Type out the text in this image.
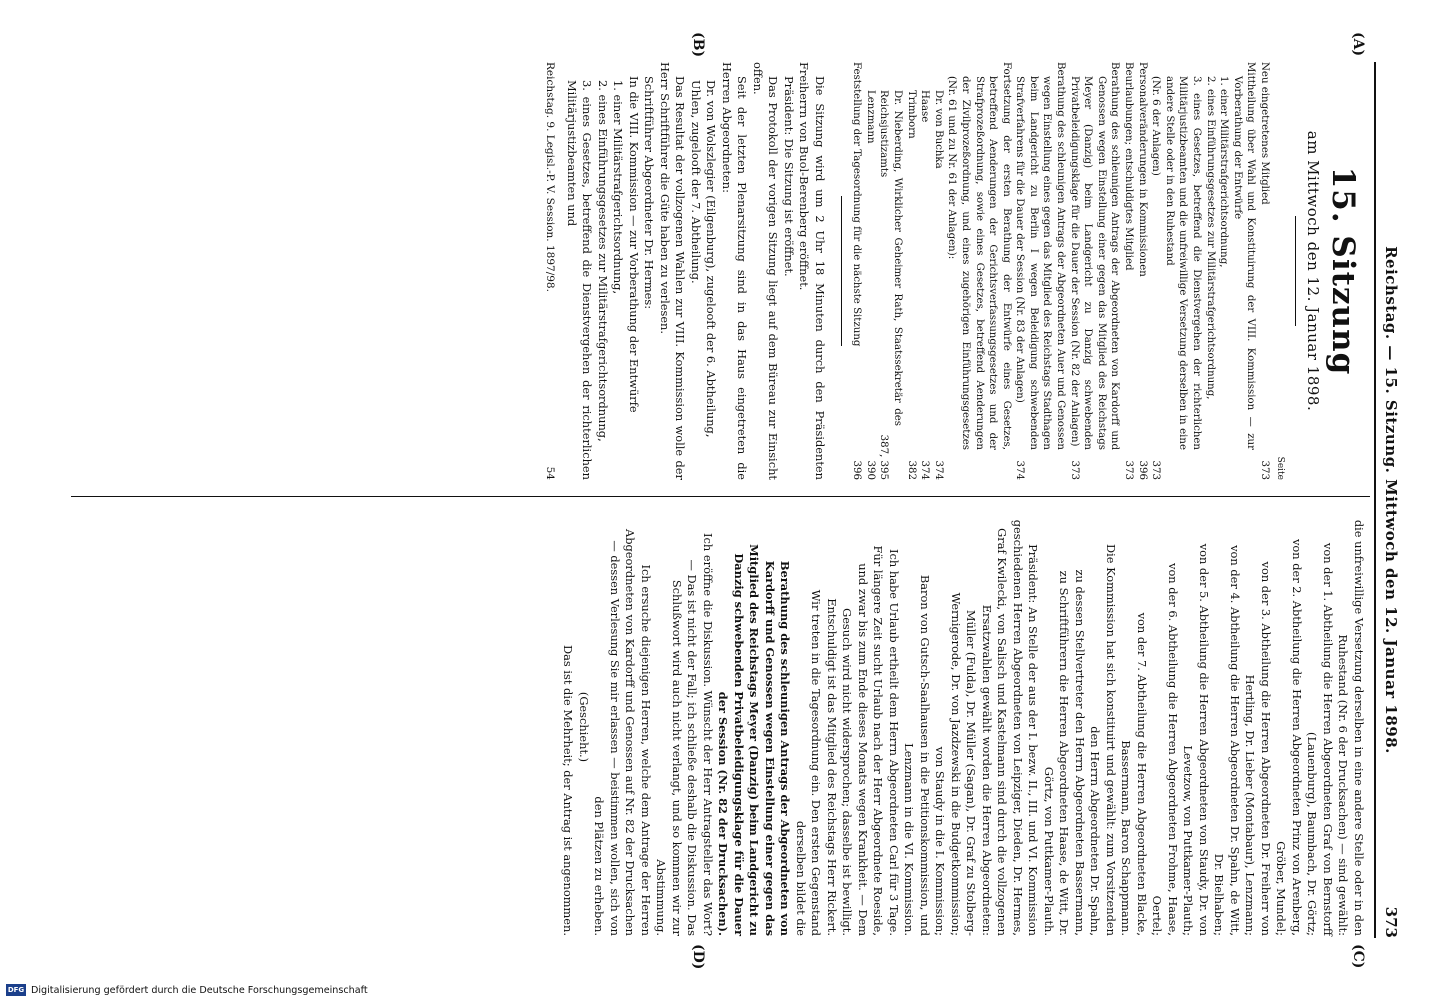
Reichstag. — 15. Sitzung. Mittwoch den 12. Januar 1898.
373
(A)
(B)
(C)
(D)
15. Sitzung
am Mittwoch den 12. Januar 1898.
Seite

Neu eingetretenes Mitglied
373

Mittheilung über Wahl und Konstituirung der VIII. Kommission — zur Vorberathung der Entwürfe

1. einer Militärstrafgerichtsordnung,

2. eines Einführungsgesetzes zur Militärstrafgerichtsordnung,

3. eines Gesetzes, betreffend die Dienstvergehen der richterlichen Militärjustizbeamten und die unfreiwillige Versetzung derselben in eine andere Stelle oder in den Ruhestand

(Nr. 6 der Anlagen)
373

Personalveränderungen in Kommissionen
396

Beurlaubungen; entschuldigtes Mitglied
373

Berathung des schleunigen Antrags der Abgeordneten von Kardorff und Genossen wegen Einstellung einer gegen das Mitglied des Reichstags Meyer (Danzig) beim Landgericht zu Danzig schwebenden Privatbeleidigungsklage für die Dauer der Session (Nr. 82 der Anlagen)
373

Berathung des schleunigen Antrags der Abgeordneten Auer und Genossen wegen Einstellung eines gegen das Mitglied des Reichstags Stadthagen beim Landgericht zu Berlin I wegen Beleidigung schwebenden Strafverfahrens für die Dauer der Session (Nr. 83 der Anlagen)
374

Fortsetzung der ersten Berathung der Entwürfe eines Gesetzes, betreffend Aenderungen der Gerichtsverfassungsgesetzes und der Strafprozeßordnung, sowie eines Gesetzes, betreffend Aenderungen der Zivilprozeßordnung, und eines zugehörigen Einführungsgesetzes (Nr. 61 und zu Nr. 61 der Anlagen):

Dr. von Buchka
374

Haase
374

Trimborn
382

Dr. Nieberding, Wirklicher Geheimer Rath, Staatssekretär des Reichsjustizamts
387, 395

Lenzmann
390

Feststellung der Tagesordnung für die nächste Sitzung
396

Die Sitzung wird um 2 Uhr 18 Minuten durch den Präsidenten Freiherrn von Buol-Berenberg eröffnet.

Präsident: Die Sitzung ist eröffnet.

Das Protokoll der vorigen Sitzung liegt auf dem Büreau zur Einsicht offen.

Seit der letzten Plenarsitzung sind in das Haus eingetreten die Herren Abgeordneten:

Dr. von Wolszlegier (Eilgenburg), zugelooft der 6. Abtheilung,

Uhlen, zugelooft der 7. Abtheilung.

Das Resultat der vollzogenen Wahlen zur VIII. Kommission wolle der Herr Schriftführer die Güte haben zu verlesen.

Schriftführer Abgeordneter Dr. Hermes:

In die VIII. Kommission — zur Vorberathung der Entwürfe

1. einer Militärstrafgerichtsordnung,

2. eines Einführungsgesetzes zur Militärstrafgerichtsordnung,

3. eines Gesetzes, betreffend die Dienstvergehen der richterlichen Militärjustizbeamten und

Reichstag. 9. Legisl.-P. V. Session. 1897/98.
54

die unfreiwillige Versetzung derselben in eine andere Stelle oder in den Ruhestand (Nr. 6 der Drucksachen) — sind gewählt:

von der 1. Abtheilung die Herren Abgeordneten Graf von Bernstorff (Lauenburg), Baumbach, Dr. Görtz;

von der 2. Abtheilung die Herren Abgeordneten Prinz von Arenberg, Gröber, Mundel;

von der 3. Abtheilung die Herren Abgeordneten Dr. Freiherr von Hertling, Dr. Lieber (Montabaur), Lenzmann;

von der 4. Abtheilung die Herren Abgeordneten Dr. Spahn, de Witt, Dr. Bielhaben;

von der 5. Abtheilung die Herren Abgeordneten von Staudy, Dr. von Levetzow, von Puttkamer-Plauth;

von der 6. Abtheilung die Herren Abgeordneten Frohme, Haase, Oertel;

von der 7. Abtheilung die Herren Abgeordneten Blacke, Bassermann, Baron Schappmann.

Die Kommission hat sich konstituirt und gewählt: zum Vorsitzenden den Herrn Abgeordneten Dr. Spahn,

zu dessen Stellvertreter den Herrn Abgeordneten Bassermann,

zu Schriftführern die Herren Abgeordneten Haase, de Witt, Dr. Görtz, von Puttkamer-Plauth.

Präsident: An Stelle der aus der I. bezw. II., III. und VI. Kommission geschiedenen Herren Abgeordneten von Leipziger, Dieden, Dr. Hermes, Graf Kwilecki, von Salisch und Kastelmann sind durch die vollzogenen Ersatzwahlen gewählt worden die Herren Abgeordneten:

Müller (Fulda), Dr. Müller (Sagan), Dr. Graf zu Stolberg-Wernigerode, Dr. von Jazdzewski in die Budgetkommission;

von Staudy in die I. Kommission;

Baron von Gutsch-Saalhausen in die Petitionskommission, und

Lenzmann in die VI. Kommission.

Ich habe Urlaub ertheilt dem Herrn Abgeordneten Carl für 3 Tage.

Für längere Zeit sucht Urlaub nach der Herr Abgeordnete Roeside, und zwar bis zum Ende dieses Monats wegen Krankheit. — Dem Gesuch wird nicht widersprochen; dasselbe ist bewilligt.

Entschuldigt ist das Mitglied des Reichstags Herr Rickert.

Wir treten in die Tagesordnung ein. Den ersten Gegenstand derselben bildet die

Berathung des schleunigen Antrags der Abgeordneten von Kardorff und Genossen wegen Einstellung einer gegen das Mitglied des Reichstags Meyer (Danzig) beim Landgericht zu Danzig schwebenden Privatbeleidigungsklage für die Dauer der Session (Nr. 82 der Drucksachen).

Ich eröffne die Diskussion. Wünscht der Herr Antragsteller das Wort? — Das ist nicht der Fall; ich schließe deshalb die Diskussion. Das Schlußwort wird auch nicht verlangt, und so kommen wir zur Abstimmung.

Ich ersuche diejenigen Herren, welche dem Antrage der Herren Abgeordneten von Kardorff und Genossen auf Nr. 82 der Drucksachen — dessen Verlesung Sie mir erlassen — beistimmen wollen, sich von den Plätzen zu erheben.

(Geschieht.)

Das ist die Mehrheit; der Antrag ist angenommen.

DFG Digitalisierung gefördert durch die Deutsche Forschungsgemeinschaft
